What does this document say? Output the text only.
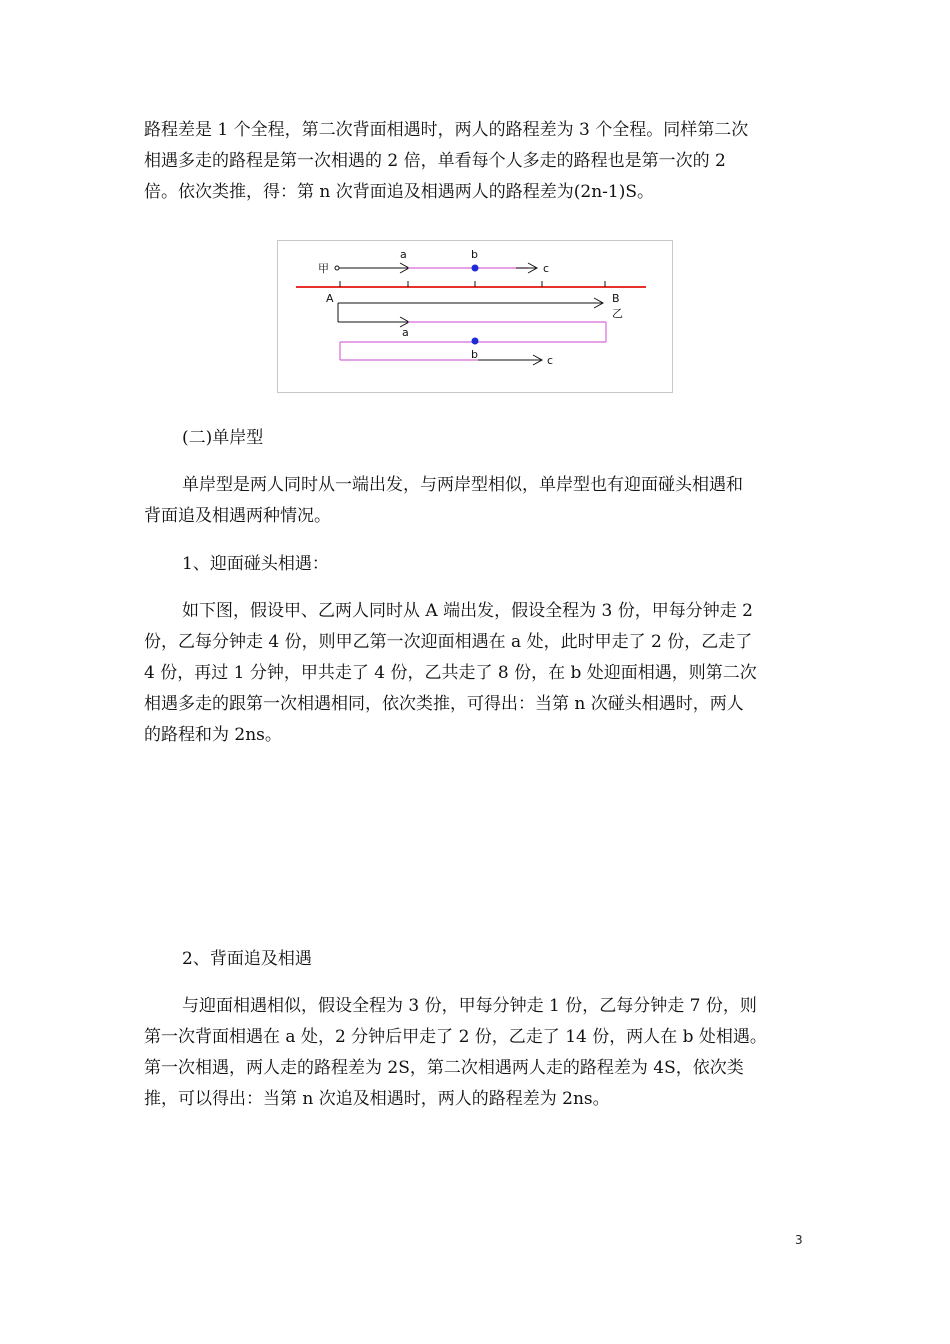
路程差是 1 个全程，第二次背面相遇时，两人的路程差为 3 个全程。同样第二次
相遇多走的路程是第一次相遇的 2 倍，单看每个人多走的路程也是第一次的 2
倍。依次类推，得：第 n 次背面追及相遇两人的路程差为(2n-1)S。
甲
a	b
c
A	B
乙
a
b	c
(二)单岸型
单岸型是两人同时从一端出发，与两岸型相似，单岸型也有迎面碰头相遇和
背面追及相遇两种情况。
1、迎面碰头相遇：
如下图，假设甲、乙两人同时从 A 端出发，假设全程为 3 份，甲每分钟走 2
份，乙每分钟走 4 份，则甲乙第一次迎面相遇在 a 处，此时甲走了 2 份，乙走了
4 份，再过 1 分钟，甲共走了 4 份，乙共走了 8 份，在 b 处迎面相遇，则第二次
相遇多走的跟第一次相遇相同，依次类推，可得出：当第 n 次碰头相遇时，两人
的路程和为 2ns。
2、背面追及相遇
与迎面相遇相似，假设全程为 3 份，甲每分钟走 1 份，乙每分钟走 7 份，则
第一次背面相遇在 a 处，2 分钟后甲走了 2 份，乙走了 14 份，两人在 b 处相遇。
第一次相遇，两人走的路程差为 2S，第二次相遇两人走的路程差为 4S，依次类
推，可以得出：当第 n 次追及相遇时，两人的路程差为 2ns。
3
